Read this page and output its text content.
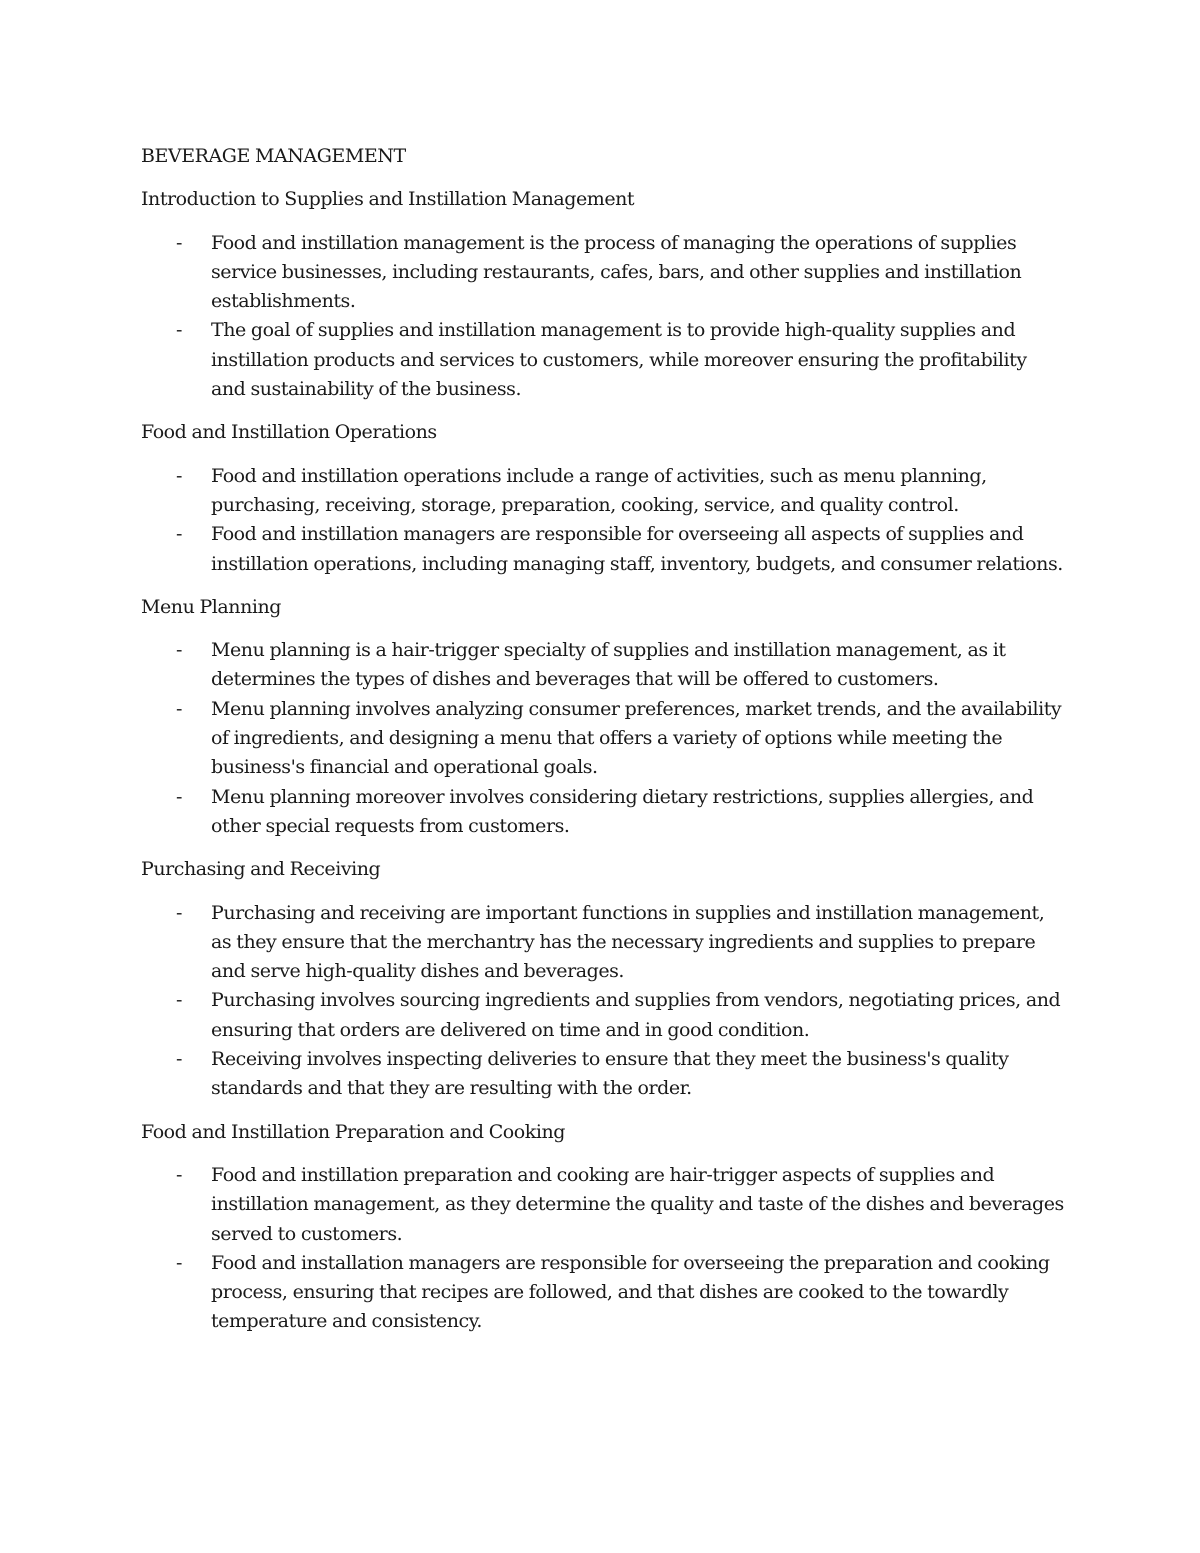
BEVERAGE MANAGEMENT
Introduction to Supplies and Instillation Management
- Food and instillation management is the process of managing the operations of supplies service businesses, including restaurants, cafes, bars, and other supplies and instillation establishments.
- The goal of supplies and instillation management is to provide high-quality supplies and instillation products and services to customers, while moreover ensuring the profitability and sustainability of the business.
Food and Instillation Operations
- Food and instillation operations include a range of activities, such as menu planning, purchasing, receiving, storage, preparation, cooking, service, and quality control.
- Food and instillation managers are responsible for overseeing all aspects of supplies and instillation operations, including managing staff, inventory, budgets, and consumer relations.
Menu Planning
- Menu planning is a hair-trigger specialty of supplies and instillation management, as it determines the types of dishes and beverages that will be offered to customers.
- Menu planning involves analyzing consumer preferences, market trends, and the availability of ingredients, and designing a menu that offers a variety of options while meeting the business's financial and operational goals.
- Menu planning moreover involves considering dietary restrictions, supplies allergies, and other special requests from customers.
Purchasing and Receiving
- Purchasing and receiving are important functions in supplies and instillation management, as they ensure that the merchantry has the necessary ingredients and supplies to prepare and serve high-quality dishes and beverages.
- Purchasing involves sourcing ingredients and supplies from vendors, negotiating prices, and ensuring that orders are delivered on time and in good condition.
- Receiving involves inspecting deliveries to ensure that they meet the business's quality standards and that they are resulting with the order.
Food and Instillation Preparation and Cooking
- Food and instillation preparation and cooking are hair-trigger aspects of supplies and instillation management, as they determine the quality and taste of the dishes and beverages served to customers.
- Food and installation managers are responsible for overseeing the preparation and cooking process, ensuring that recipes are followed, and that dishes are cooked to the towardly temperature and consistency.
